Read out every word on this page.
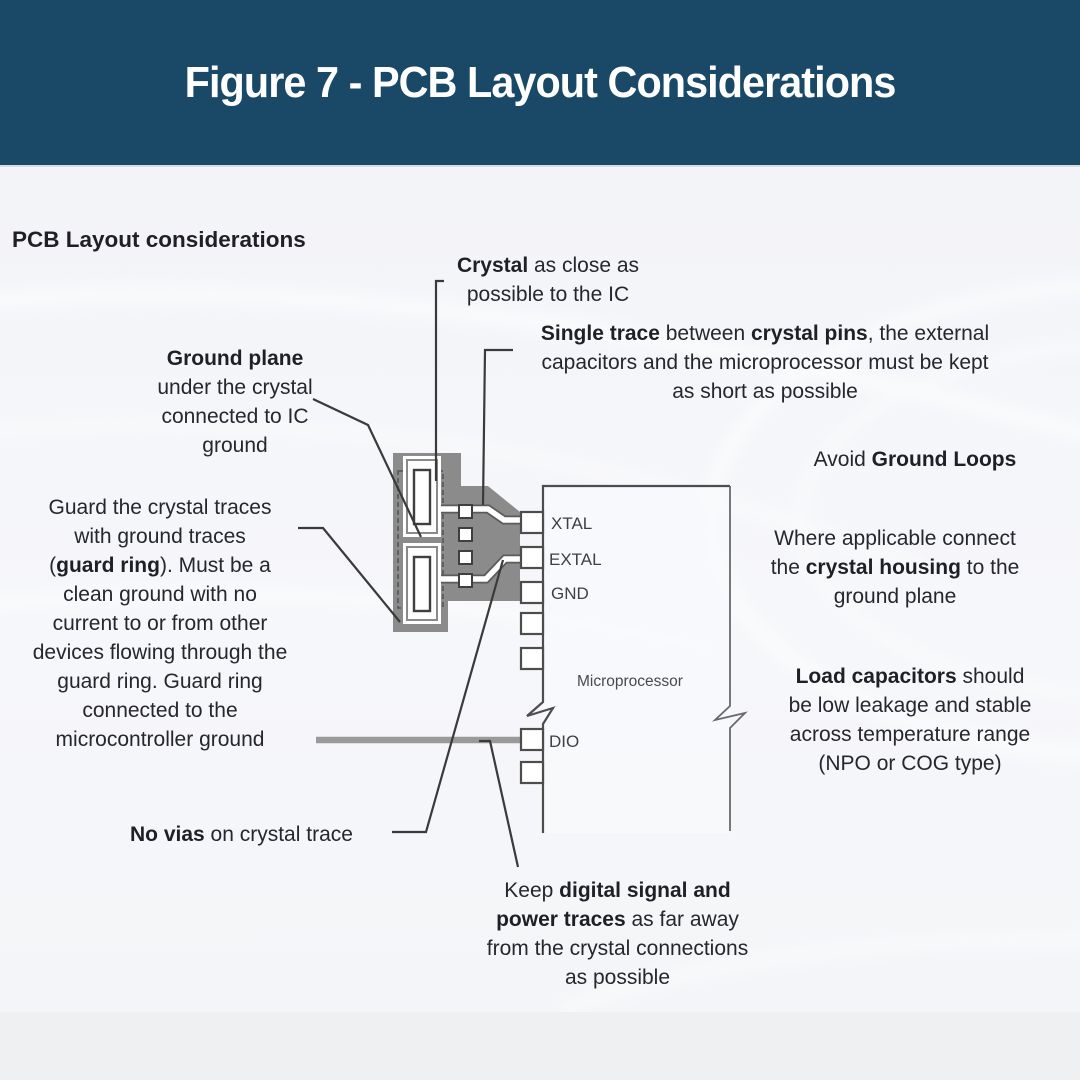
Figure 7 - PCB Layout Considerations
XTAL
EXTAL
GND
DIO
Microprocessor
PCB Layout considerations
Crystal as close as
possible to the IC
Single trace between crystal pins, the external
capacitors and the microprocessor must be kept
as short as possible
Avoid Ground Loops
Ground plane
under the crystal
connected to IC
ground
Guard the crystal traces
with ground traces
(guard ring). Must be a
clean ground with no
current to or from other
devices flowing through the
guard ring. Guard ring
connected to the
microcontroller ground
Where applicable connect
the crystal housing to the
ground plane
Load capacitors should
be low leakage and stable
across temperature range
(NPO or COG type)
No vias on crystal trace
Keep digital signal and
power traces as far away
from the crystal connections
as possible
